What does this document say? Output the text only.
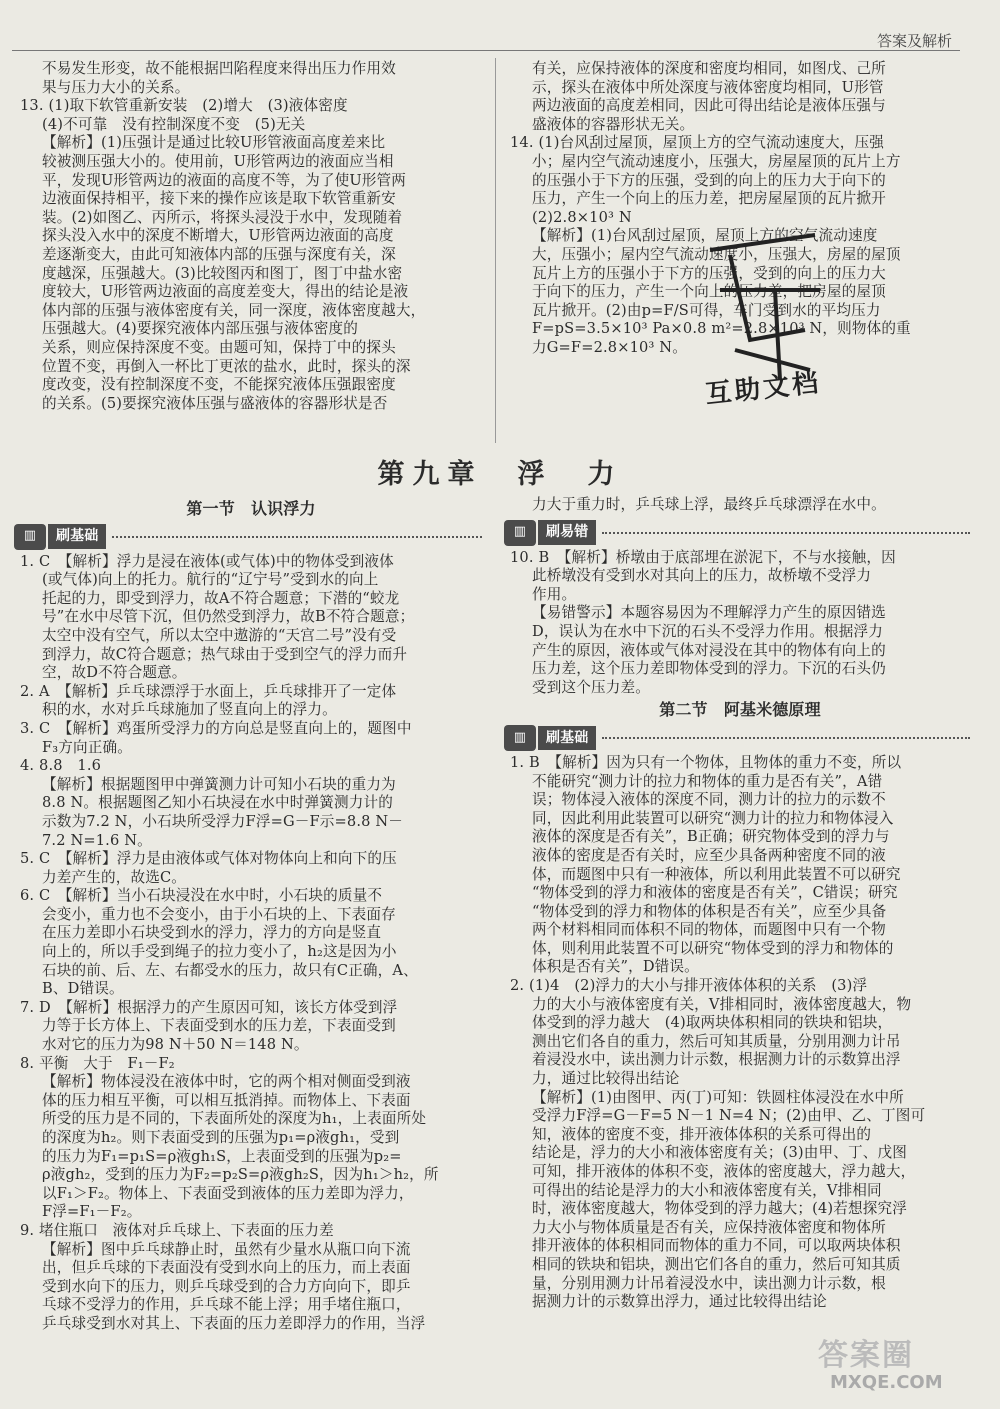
答案及解析

不易发生形变，故不能根据凹陷程度来得出压力作用效

果与压力大小的关系。

13. (1)取下软管重新安装　(2)增大　(3)液体密度

(4)不可靠　没有控制深度不变　(5)无关

【解析】(1)压强计是通过比较U形管液面高度差来比

较被测压强大小的。使用前，U形管两边的液面应当相

平，发现U形管两边的液面的高度不等，为了使U形管两

边液面保持相平，接下来的操作应该是取下软管重新安

装。(2)如图乙、丙所示，将探头浸没于水中，发现随着

探头没入水中的深度不断增大，U形管两边液面的高度

差逐渐变大，由此可知液体内部的压强与深度有关，深

度越深，压强越大。(3)比较图丙和图丁，图丁中盐水密

度较大，U形管两边液面的高度差变大，得出的结论是液

体内部的压强与液体密度有关，同一深度，液体密度越大，

压强越大。(4)要探究液体内部压强与液体密度的

关系，则应保持深度不变。由题可知，保持丁中的探头

位置不变，再倒入一杯比丁更浓的盐水，此时，探头的深

度改变，没有控制深度不变，不能探究液体压强跟密度

的关系。(5)要探究液体压强与盛液体的容器形状是否

有关，应保持液体的深度和密度均相同，如图戊、己所

示，探头在液体中所处深度与液体密度均相同，U形管

两边液面的高度差相同，因此可得出结论是液体压强与

盛液体的容器形状无关。

14. (1)台风刮过屋顶，屋顶上方的空气流动速度大，压强

小；屋内空气流动速度小，压强大，房屋屋顶的瓦片上方

的压强小于下方的压强，受到的向上的压力大于向下的

压力，产生一个向上的压力差，把房屋屋顶的瓦片掀开

(2)2.8×10³ N

【解析】(1)台风刮过屋顶，屋顶上方的空气流动速度

大，压强小；屋内空气流动速度小，压强大，房屋的屋顶

瓦片上方的压强小于下方的压强，受到的向上的压力大

于向下的压力，产生一个向上的压力差，把房屋的屋顶

瓦片掀开。(2)由p=F/S可得，车门受到水的平均压力

F=pS=3.5×10³ Pa×0.8 m²=2.8×10³ N，则物体的重

力G=F=2.8×10³ N。

互助文档
第九章　浮　力
第一节　认识浮力
▥	刷基础

1. C　【解析】浮力是浸在液体(或气体)中的物体受到液体

(或气体)向上的托力。航行的“辽宁号”受到水的向上

托起的力，即受到浮力，故A不符合题意；下潜的“蛟龙

号”在水中尽管下沉，但仍然受到浮力，故B不符合题意；

太空中没有空气，所以太空中遨游的“天宫二号”没有受

到浮力，故C符合题意；热气球由于受到空气的浮力而升

空，故D不符合题意。

2. A　【解析】乒乓球漂浮于水面上，乒乓球排开了一定体

积的水，水对乒乓球施加了竖直向上的浮力。

3. C　【解析】鸡蛋所受浮力的方向总是竖直向上的，题图中

F₃方向正确。

4. 8.8　1.6

【解析】根据题图甲中弹簧测力计可知小石块的重力为

8.8 N。根据题图乙知小石块浸在水中时弹簧测力计的

示数为7.2 N，小石块所受浮力F浮=G－F示=8.8 N－

7.2 N=1.6 N。

5. C　【解析】浮力是由液体或气体对物体向上和向下的压

力差产生的，故选C。

6. C　【解析】当小石块浸没在水中时，小石块的质量不

会变小，重力也不会变小，由于小石块的上、下表面存

在压力差即小石块受到水的浮力，浮力的方向是竖直

向上的，所以手受到绳子的拉力变小了，h₂这是因为小

石块的前、后、左、右都受水的压力，故只有C正确，A、

B、D错误。

7. D　【解析】根据浮力的产生原因可知，该长方体受到浮

力等于长方体上、下表面受到水的压力差，下表面受到

水对它的压力为98 N＋50 N＝148 N。

8. 平衡　大于　F₁－F₂

【解析】物体浸没在液体中时，它的两个相对侧面受到液

体的压力相互平衡，可以相互抵消掉。而物体上、下表面

所受的压力是不同的，下表面所处的深度为h₁，上表面所处

的深度为h₂。则下表面受到的压强为p₁=ρ液gh₁，受到

的压力为F₁=p₁S=ρ液gh₁S，上表面受到的压强为p₂=

ρ液gh₂，受到的压力为F₂=p₂S=ρ液gh₂S，因为h₁＞h₂，所

以F₁＞F₂。物体上、下表面受到液体的压力差即为浮力，

F浮=F₁－F₂。

9. 堵住瓶口　液体对乒乓球上、下表面的压力差

【解析】图中乒乓球静止时，虽然有少量水从瓶口向下流

出，但乒乓球的下表面没有受到水向上的压力，而上表面

受到水向下的压力，则乒乓球受到的合力方向向下，即乒

乓球不受浮力的作用，乒乓球不能上浮；用手堵住瓶口，

乒乓球受到水对其上、下表面的压力差即浮力的作用，当浮

力大于重力时，乒乓球上浮，最终乒乓球漂浮在水中。

▥	刷易错

10. B　【解析】桥墩由于底部埋在淤泥下，不与水接触，因

此桥墩没有受到水对其向上的压力，故桥墩不受浮力

作用。

【易错警示】本题容易因为不理解浮力产生的原因错选

D，误认为在水中下沉的石头不受浮力作用。根据浮力

产生的原因，液体或气体对浸没在其中的物体有向上的

压力差，这个压力差即物体受到的浮力。下沉的石头仍

受到这个压力差。

第二节　阿基米德原理
▥	刷基础

1. B　【解析】因为只有一个物体，且物体的重力不变，所以

不能研究“测力计的拉力和物体的重力是否有关”，A错

误；物体浸入液体的深度不同，测力计的拉力的示数不

同，因此利用此装置可以研究“测力计的拉力和物体浸入

液体的深度是否有关”，B正确；研究物体受到的浮力与

液体的密度是否有关时，应至少具备两种密度不同的液

体，而题图中只有一种液体，所以利用此装置不可以研究

“物体受到的浮力和液体的密度是否有关”，C错误；研究

“物体受到的浮力和物体的体积是否有关”，应至少具备

两个材料相同而体积不同的物体，而题图中只有一个物

体，则利用此装置不可以研究“物体受到的浮力和物体的

体积是否有关”，D错误。

2. (1)4　(2)浮力的大小与排开液体体积的关系　(3)浮

力的大小与液体密度有关，V排相同时，液体密度越大，物

体受到的浮力越大　(4)取两块体积相同的铁块和铝块，

测出它们各自的重力，然后可知其质量，分别用测力计吊

着浸没水中，读出测力计示数，根据测力计的示数算出浮

力，通过比较得出结论

【解析】(1)由图甲、丙(丁)可知：铁圆柱体浸没在水中所

受浮力F浮=G－F=5 N－1 N=4 N；(2)由甲、乙、丁图可

知，液体的密度不变，排开液体体积的关系可得出的

结论是，浮力的大小和液体密度有关；(3)由甲、丁、戊图

可知，排开液体的体积不变，液体的密度越大，浮力越大，

可得出的结论是浮力的大小和液体密度有关，V排相同

时，液体密度越大，物体受到的浮力越大；(4)若想探究浮

力大小与物体质量是否有关，应保持液体密度和物体所

排开液体的体积相同而物体的重力不同，可以取两块体积

相同的铁块和铝块，测出它们各自的重力，然后可知其质

量，分别用测力计吊着浸没水中，读出测力计示数，根

据测力计的示数算出浮力，通过比较得出结论

答案圈
MXQE.COM
